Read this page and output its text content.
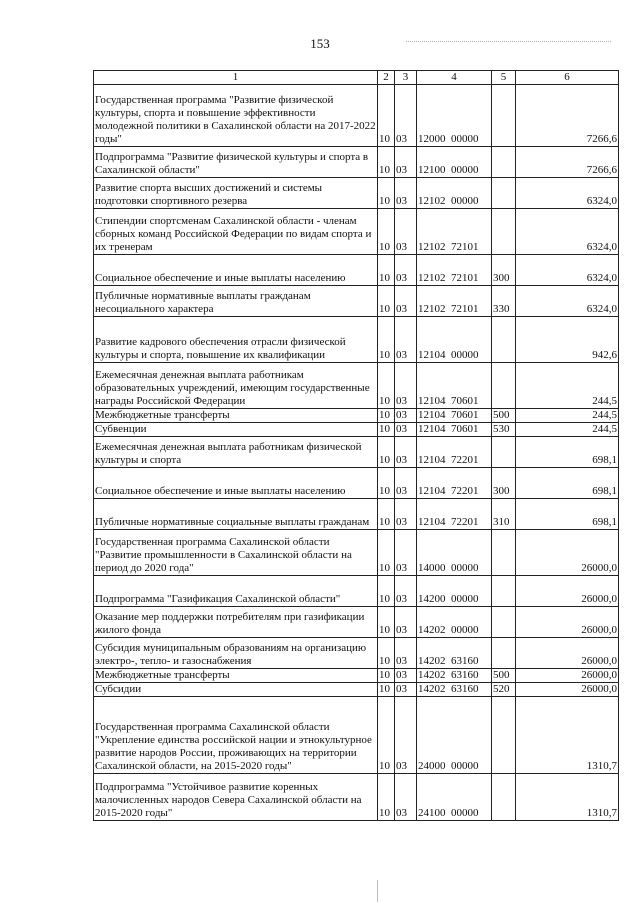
153
1	2	3	4	5	6
Государственная программа "Развитие физической культуры, спорта и повышение эффективности молодежной политики в Сахалинской области на 2017-2022 годы"	10	03	12000  00000		7266,6
Подпрограмма "Развитие физической культуры и спорта в Сахалинской области"	10	03	12100  00000		7266,6
Развитие спорта высших достижений и системы подготовки спортивного резерва	10	03	12102  00000		6324,0
Стипендии спортсменам Сахалинской области - членам сборных команд Российской Федерации по видам спорта и их тренерам	10	03	12102  72101		6324,0
Социальное обеспечение и иные выплаты населению	10	03	12102  72101	300	6324,0
Публичные нормативные выплаты гражданам несоциального характера	10	03	12102  72101	330	6324,0
Развитие кадрового обеспечения отрасли физической культуры и спорта, повышение их квалификации	10	03	12104  00000		942,6
Ежемесячная денежная выплата работникам образовательных учреждений, имеющим государственные награды Российской Федерации	10	03	12104  70601		244,5
Межбюджетные трансферты	10	03	12104  70601	500	244,5
Субвенции	10	03	12104  70601	530	244,5
Ежемесячная денежная выплата работникам физической культуры и спорта	10	03	12104  72201		698,1
Социальное обеспечение и иные выплаты населению	10	03	12104  72201	300	698,1
Публичные нормативные социальные выплаты гражданам	10	03	12104  72201	310	698,1
Государственная программа Сахалинской области "Развитие промышленности в Сахалинской области на период до 2020 года"	10	03	14000  00000		26000,0
Подпрограмма "Газификация Сахалинской области"	10	03	14200  00000		26000,0
Оказание мер поддержки потребителям при газификации жилого фонда	10	03	14202  00000		26000,0
Субсидия муниципальным образованиям на организацию электро-, тепло- и газоснабжения	10	03	14202  63160		26000,0
Межбюджетные трансферты	10	03	14202  63160	500	26000,0
Субсидии	10	03	14202  63160	520	26000,0
Государственная программа Сахалинской области "Укрепление единства российской нации и этнокультурное развитие народов России, проживающих на территории Сахалинской области, на 2015-2020 годы"	10	03	24000  00000		1310,7
Подпрограмма "Устойчивое развитие коренных малочисленных народов Севера Сахалинской области на 2015-2020 годы"	10	03	24100  00000		1310,7
